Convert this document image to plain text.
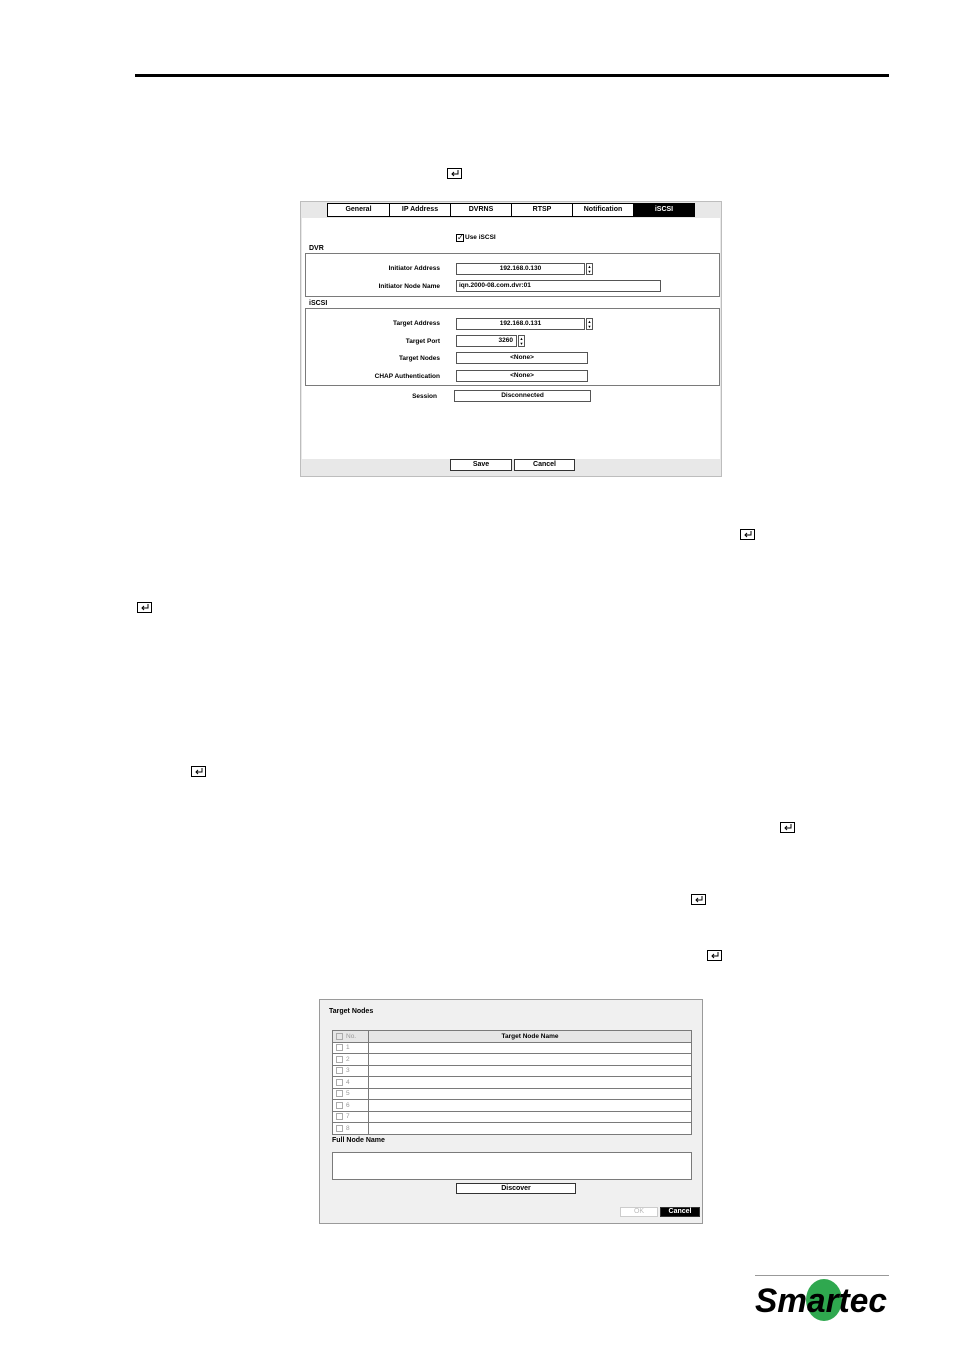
General	IP Address	DVRNS	RTSP	Notification	iSCSI
✓ Use iSCSI
DVR
Initiator Address	192.168.0.130	▲
▼
Initiator Node Name	iqn.2000-08.com.dvr:01
iSCSI
Target Address	192.168.0.131	▲
▼
Target Port	3260	▲
▼
Target Nodes	<None>
CHAP Authentication	<None>
Session	Disconnected
Save	Cancel
Target Nodes
No.	Target Node Name
1	
2	
3	
4	
5	
6	
7	
8	
Full Node Name
Discover
OK	Cancel
Smartec
